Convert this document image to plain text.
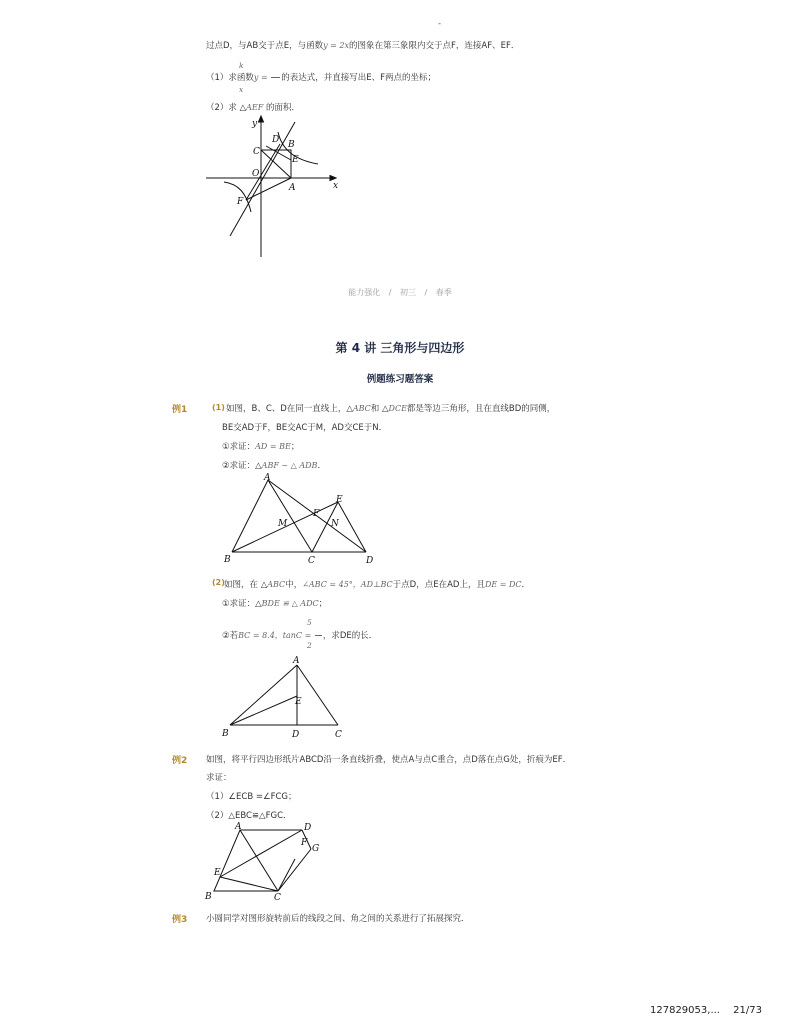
-
过点D，与AB交于点E，与函数y = 2x的图象在第三象限内交于点F，连接AF、EF．
k
（1）求函数y = 的表达式，并直接写出E、F两点的坐标；
x
（2）求 △AEF 的面积．
y
x
O
C
D B
E
A
F
能力强化 / 初三 / 春季
第 4 讲 三角形与四边形
例题练习题答案
例1	(1) 如图，B、C、D在同一直线上，△ABC和 △DCE都是等边三角形，且在直线BD的同侧，
BE交AD于F，BE交AC于M，AD交CE于N．
①求证：AD = BE；
②求证：△ABF ∼ △ ADB．
A
B	C	D
E
F
M	N
(2) 如图，在 △ABC中，∠ABC = 45°，AD⊥BC于点D，点E在AD上，且DE = DC．
①求证：△BDE ≌ △ ADC；
5
②若BC = 8.4，tanC = ，求DE的长．
2
A
B	D	C
E
例2 如图，将平行四边形纸片ABCD沿一条直线折叠，使点A与点C重合，点D落在点G处，折痕为EF．
求证：
（1）∠ECB =∠FCG；
（2）△EBC≌△FGC．
A	D
F
G
E
B	C
例3 小圆同学对图形旋转前后的线段之间、角之间的关系进行了拓展探究．
127829053,... 21/73
